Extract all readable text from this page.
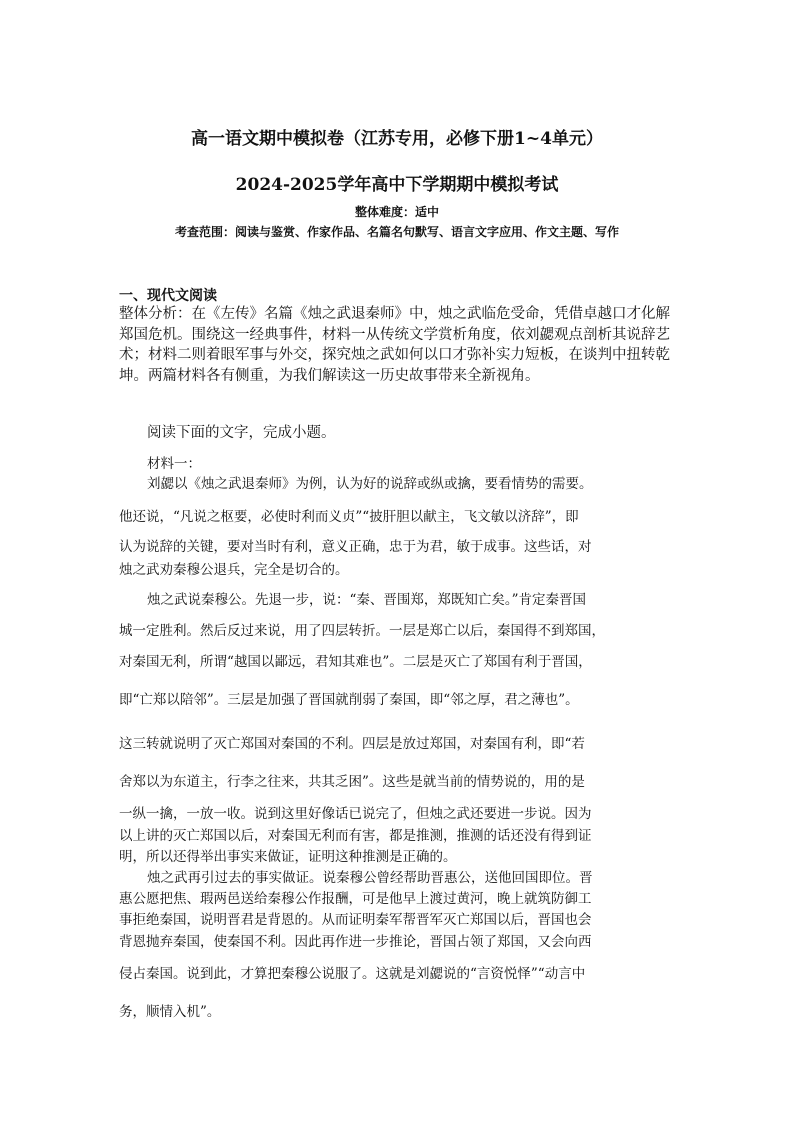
高一语文期中模拟卷（江苏专用，必修下册1~4单元）
2024-2025学年高中下学期期中模拟考试
整体难度：适中
考查范围：阅读与鉴赏、作家作品、名篇名句默写、语言文字应用、作文主题、写作
一、现代文阅读
整体分析：在《左传》名篇《烛之武退秦师》中，烛之武临危受命，凭借卓越口才化解郑国危机。围绕这一经典事件，材料一从传统文学赏析角度，依刘勰观点剖析其说辞艺术；材料二则着眼军事与外交，探究烛之武如何以口才弥补实力短板，在谈判中扭转乾坤。两篇材料各有侧重，为我们解读这一历史故事带来全新视角。
阅读下面的文字，完成小题。
材料一：
刘勰以《烛之武退秦师》为例，认为好的说辞或纵或擒，要看情势的需要。
他还说，“凡说之枢要，必使时利而义贞”“披肝胆以献主，飞文敏以济辞”，即
认为说辞的关键，要对当时有利，意义正确，忠于为君，敏于成事。这些话，对
烛之武劝秦穆公退兵，完全是切合的。
烛之武说秦穆公。先退一步，说：“秦、晋围郑，郑既知亡矣。”肯定秦晋国
城一定胜利。然后反过来说，用了四层转折。一层是郑亡以后，秦国得不到郑国，
对秦国无利，所谓“越国以鄙远，君知其难也”。二层是灭亡了郑国有利于晋国，
即“亡郑以陪邻”。三层是加强了晋国就削弱了秦国，即“邻之厚，君之薄也”。
这三转就说明了灭亡郑国对秦国的不利。四层是放过郑国，对秦国有利，即“若
舍郑以为东道主，行李之往来，共其乏困”。这些是就当前的情势说的，用的是
一纵一擒，一放一收。说到这里好像话已说完了，但烛之武还要进一步说。因为
以上讲的灭亡郑国以后，对秦国无利而有害，都是推测，推测的话还没有得到证
明，所以还得举出事实来做证，证明这种推测是正确的。
烛之武再引过去的事实做证。说秦穆公曾经帮助晋惠公，送他回国即位。晋
惠公愿把焦、瑕两邑送给秦穆公作报酬，可是他早上渡过黄河，晚上就筑防御工
事拒绝秦国，说明晋君是背恩的。从而证明秦军帮晋军灭亡郑国以后，晋国也会
背恩抛弃秦国，使秦国不利。因此再作进一步推论，晋国占领了郑国，又会向西
侵占秦国。说到此，才算把秦穆公说服了。这就是刘勰说的“言资悦怿”“动言中
务，顺情入机”。
